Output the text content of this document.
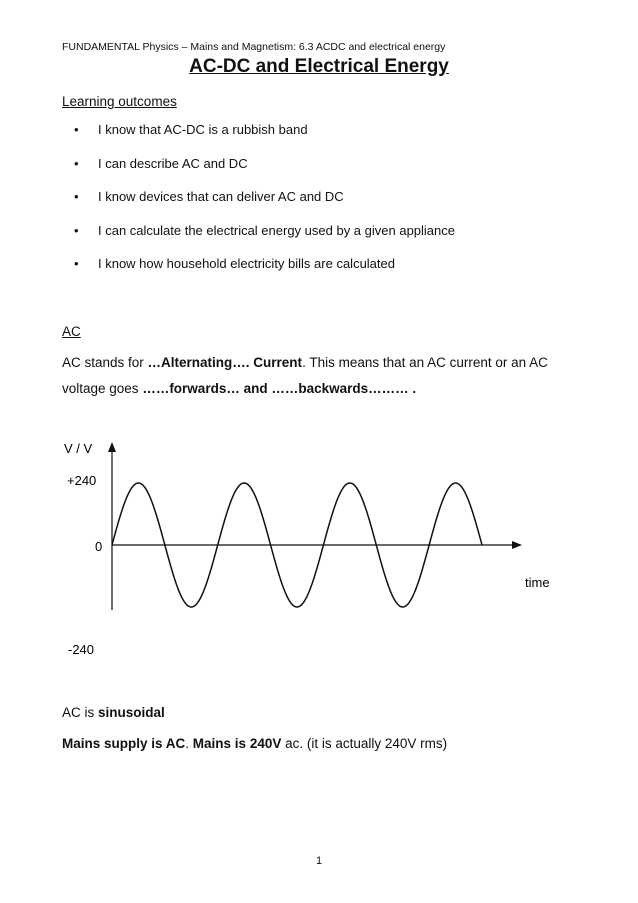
FUNDAMENTAL Physics – Mains and Magnetism: 6.3 ACDC and electrical energy
AC-DC and Electrical Energy
Learning outcomes
•	I know that AC-DC is a rubbish band
•	I can describe AC and DC
•	I know devices that can deliver AC and DC
•	I can calculate the electrical energy used by a given appliance
•	I know how household electricity bills are calculated
AC
AC stands for …Alternating…. Current. This means that an AC current or an AC
voltage goes ……forwards… and ……backwards……… .
V / V
+240
0
-240
time
AC is sinusoidal
Mains supply is AC. Mains is 240V ac. (it is actually 240V rms)
1
